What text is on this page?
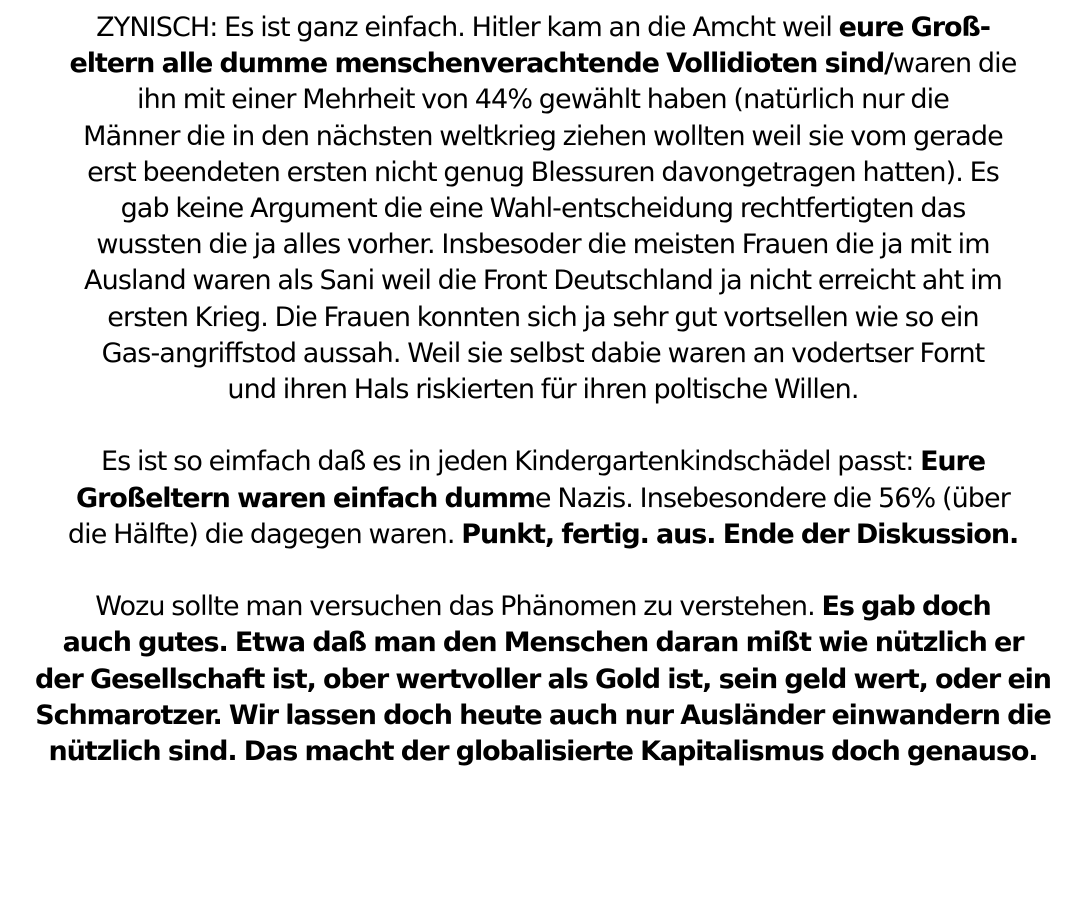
ZYNISCH: Es ist ganz einfach. Hitler kam an die Amcht weil eure Groß-
eltern alle dumme menschenverachtende Vollidioten sind/waren die
ihn mit einer Mehrheit von 44% gewählt haben (natürlich nur die
Männer die in den nächsten weltkrieg ziehen wollten weil sie vom gerade
erst beendeten ersten nicht genug Blessuren davongetragen hatten). Es
gab keine Argument die eine Wahl-entscheidung rechtfertigten das
wussten die ja alles vorher. Insbesoder die meisten Frauen die ja mit im
Ausland waren als Sani weil die Front Deutschland ja nicht erreicht aht im
ersten Krieg. Die Frauen konnten sich ja sehr gut vortsellen wie so ein
Gas-angriffstod aussah. Weil sie selbst dabie waren an vodertser Fornt
und ihren Hals riskierten für ihren poltische Willen.
Es ist so eimfach daß es in jeden Kindergartenkindschädel passt: Eure
Großeltern waren einfach dumme Nazis. Insebesondere die 56% (über
die Hälfte) die dagegen waren. Punkt, fertig. aus. Ende der Diskussion.
Wozu sollte man versuchen das Phänomen zu verstehen. Es gab doch
auch gutes. Etwa daß man den Menschen daran mißt wie nützlich er
der Gesellschaft ist, ober wertvoller als Gold ist, sein geld wert, oder ein
Schmarotzer. Wir lassen doch heute auch nur Ausländer einwandern die
nützlich sind. Das macht der globalisierte Kapitalismus doch genauso.
